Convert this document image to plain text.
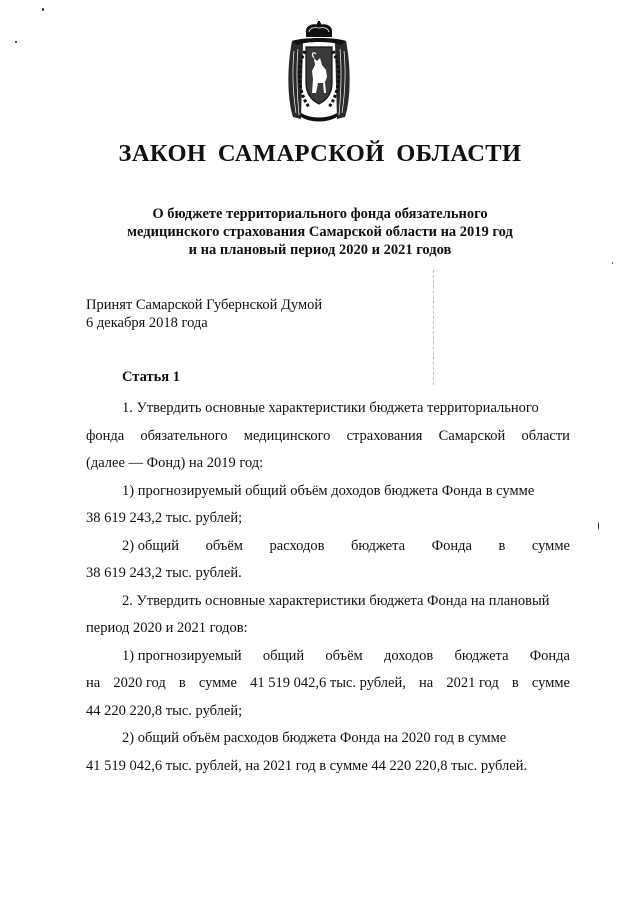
ЗАКОН САМАРСКОЙ ОБЛАСТИ
О бюджете территориального фонда обязательного
медицинского страхования Самарской области на 2019 год
и на плановый период 2020 и 2021 годов
Принят Самарской Губернской Думой
6 декабря 2018 года
Статья 1
1. Утвердить основные характеристики бюджета территориального
фонда обязательного медицинского страхования Самарской области
(далее — Фонд) на 2019 год:
1) прогнозируемый общий объём доходов бюджета Фонда в сумме
38 619 243,2 тыс. рублей;
2) общий объём расходов бюджета Фонда в сумме
38 619 243,2 тыс. рублей.
2. Утвердить основные характеристики бюджета Фонда на плановый
период 2020 и 2021 годов:
1) прогнозируемый общий объём доходов бюджета Фонда
на 2020 год в сумме 41 519 042,6 тыс. рублей, на 2021 год в сумме
44 220 220,8 тыс. рублей;
2) общий объём расходов бюджета Фонда на 2020 год в сумме
41 519 042,6 тыс. рублей, на 2021 год в сумме 44 220 220,8 тыс. рублей.
